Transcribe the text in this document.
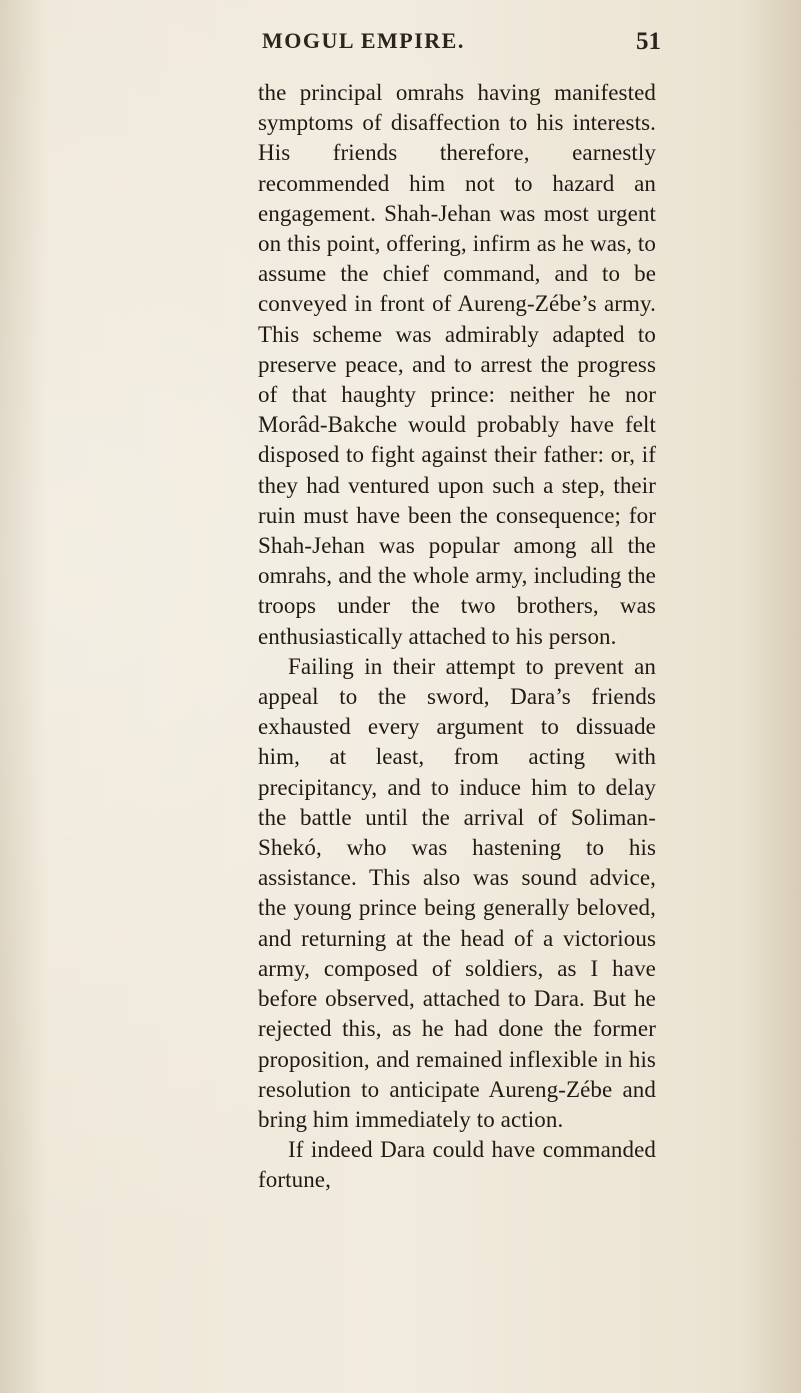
MOGUL EMPIRE.	51

the principal omrahs having manifested symptoms of disaffection to his interests. His friends therefore, earnestly recommended him not to hazard an engagement. Shah-Jehan was most urgent on this point, offering, infirm as he was, to assume the chief command, and to be conveyed in front of Aureng-Zébe’s army. This scheme was admirably adapted to preserve peace, and to arrest the progress of that haughty prince: neither he nor Morâd-Bakche would probably have felt disposed to fight against their father: or, if they had ventured upon such a step, their ruin must have been the consequence; for Shah-Jehan was popular among all the omrahs, and the whole army, including the troops under the two brothers, was enthusiastically attached to his person.

Failing in their attempt to prevent an appeal to the sword, Dara’s friends exhausted every argument to dissuade him, at least, from acting with precipitancy, and to induce him to delay the battle until the arrival of Soliman-Shekó, who was hastening to his assistance. This also was sound advice, the young prince being generally beloved, and returning at the head of a victorious army, composed of soldiers, as I have before observed, attached to Dara. But he rejected this, as he had done the former proposition, and remained inflexible in his resolution to anticipate Aureng-Zébe and bring him immediately to action.

If indeed Dara could have commanded fortune,
